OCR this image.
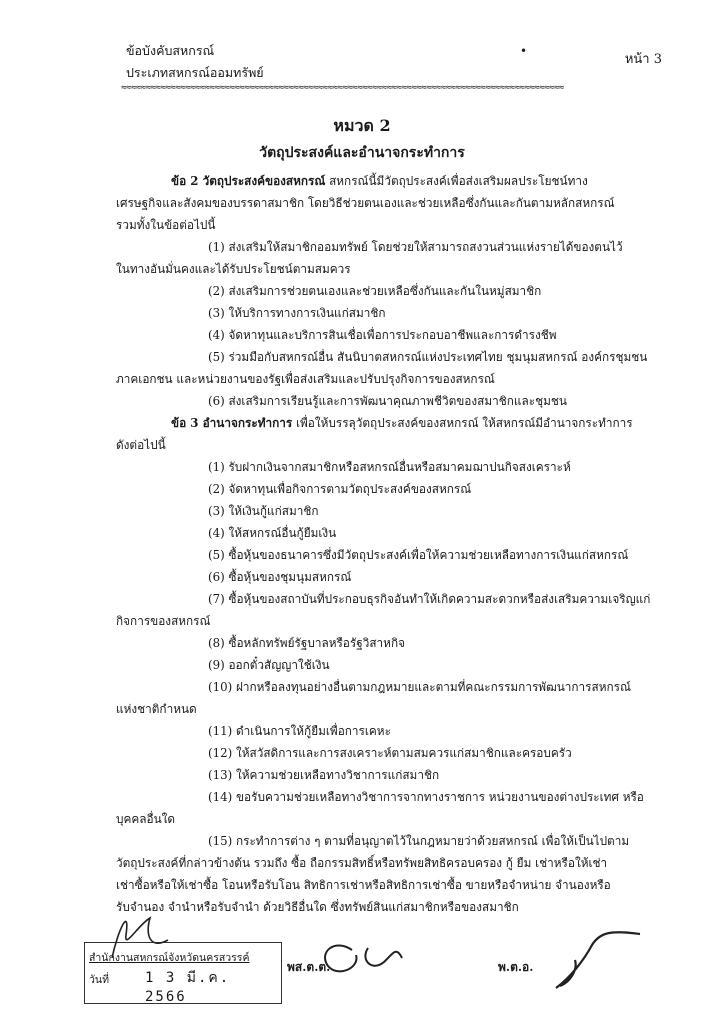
ข้อบังคับสหกรณ์
ประเภทสหกรณ์ออมทรัพย์
•
หน้า 3
≈≈≈≈≈≈≈≈≈≈≈≈≈≈≈≈≈≈≈≈≈≈≈≈≈≈≈≈≈≈≈≈≈≈≈≈≈≈≈≈≈≈≈≈≈≈≈≈≈≈≈≈≈≈≈≈≈≈≈≈≈≈≈≈≈≈≈≈≈≈≈≈≈≈≈≈≈≈≈≈≈≈≈≈≈≈≈≈≈≈
หมวด 2
วัตถุประสงค์และอำนาจกระทำการ

ข้อ 2 วัตถุประสงค์ของสหกรณ์ สหกรณ์นี้มีวัตถุประสงค์เพื่อส่งเสริมผลประโยชน์ทาง

เศรษฐกิจและสังคมของบรรดาสมาชิก โดยวิธีช่วยตนเองและช่วยเหลือซึ่งกันและกันตามหลักสหกรณ์

รวมทั้งในข้อต่อไปนี้

(1) ส่งเสริมให้สมาชิกออมทรัพย์ โดยช่วยให้สามารถสงวนส่วนแห่งรายได้ของตนไว้

ในทางอันมั่นคงและได้รับประโยชน์ตามสมควร

(2) ส่งเสริมการช่วยตนเองและช่วยเหลือซึ่งกันและกันในหมู่สมาชิก

(3) ให้บริการทางการเงินแก่สมาชิก

(4) จัดหาทุนและบริการสินเชื่อเพื่อการประกอบอาชีพและการดำรงชีพ

(5) ร่วมมือกับสหกรณ์อื่น สันนิบาตสหกรณ์แห่งประเทศไทย ชุมนุมสหกรณ์ องค์กรชุมชน

ภาคเอกชน และหน่วยงานของรัฐเพื่อส่งเสริมและปรับปรุงกิจการของสหกรณ์

(6) ส่งเสริมการเรียนรู้และการพัฒนาคุณภาพชีวิตของสมาชิกและชุมชน

ข้อ 3 อำนาจกระทำการ เพื่อให้บรรลุวัตถุประสงค์ของสหกรณ์ ให้สหกรณ์มีอำนาจกระทำการ

ดังต่อไปนี้

(1) รับฝากเงินจากสมาชิกหรือสหกรณ์อื่นหรือสมาคมฌาปนกิจสงเคราะห์

(2) จัดหาทุนเพื่อกิจการตามวัตถุประสงค์ของสหกรณ์

(3) ให้เงินกู้แก่สมาชิก

(4) ให้สหกรณ์อื่นกู้ยืมเงิน

(5) ซื้อหุ้นของธนาคารซึ่งมีวัตถุประสงค์เพื่อให้ความช่วยเหลือทางการเงินแก่สหกรณ์

(6) ซื้อหุ้นของชุมนุมสหกรณ์

(7) ซื้อหุ้นของสถาบันที่ประกอบธุรกิจอันทำให้เกิดความสะดวกหรือส่งเสริมความเจริญแก่

กิจการของสหกรณ์

(8) ซื้อหลักทรัพย์รัฐบาลหรือรัฐวิสาหกิจ

(9) ออกตั๋วสัญญาใช้เงิน

(10) ฝากหรือลงทุนอย่างอื่นตามกฎหมายและตามที่คณะกรรมการพัฒนาการสหกรณ์

แห่งชาติกำหนด

(11) ดำเนินการให้กู้ยืมเพื่อการเคหะ

(12) ให้สวัสดิการและการสงเคราะห์ตามสมควรแก่สมาชิกและครอบครัว

(13) ให้ความช่วยเหลือทางวิชาการแก่สมาชิก

(14) ขอรับความช่วยเหลือทางวิชาการจากทางราชการ หน่วยงานของต่างประเทศ หรือ

บุคคลอื่นใด

(15) กระทำการต่าง ๆ ตามที่อนุญาตไว้ในกฎหมายว่าด้วยสหกรณ์ เพื่อให้เป็นไปตาม

วัตถุประสงค์ที่กล่าวข้างต้น รวมถึง ซื้อ ถือกรรมสิทธิ์หรือทรัพยสิทธิครอบครอง กู้ ยืม เช่าหรือให้เช่า

เช่าซื้อหรือให้เช่าซื้อ โอนหรือรับโอน สิทธิการเช่าหรือสิทธิการเช่าซื้อ ขายหรือจำหน่าย จำนองหรือ

รับจำนอง จำนำหรือรับจำนำ ด้วยวิธีอื่นใด ซึ่งทรัพย์สินแก่สมาชิกหรือของสมาชิก

สำนักงานสหกรณ์จังหวัดนครสวรรค์
วันที่	1 3 มี.ค. 2566
พส.ต.ต.	พ.ต.อ.
